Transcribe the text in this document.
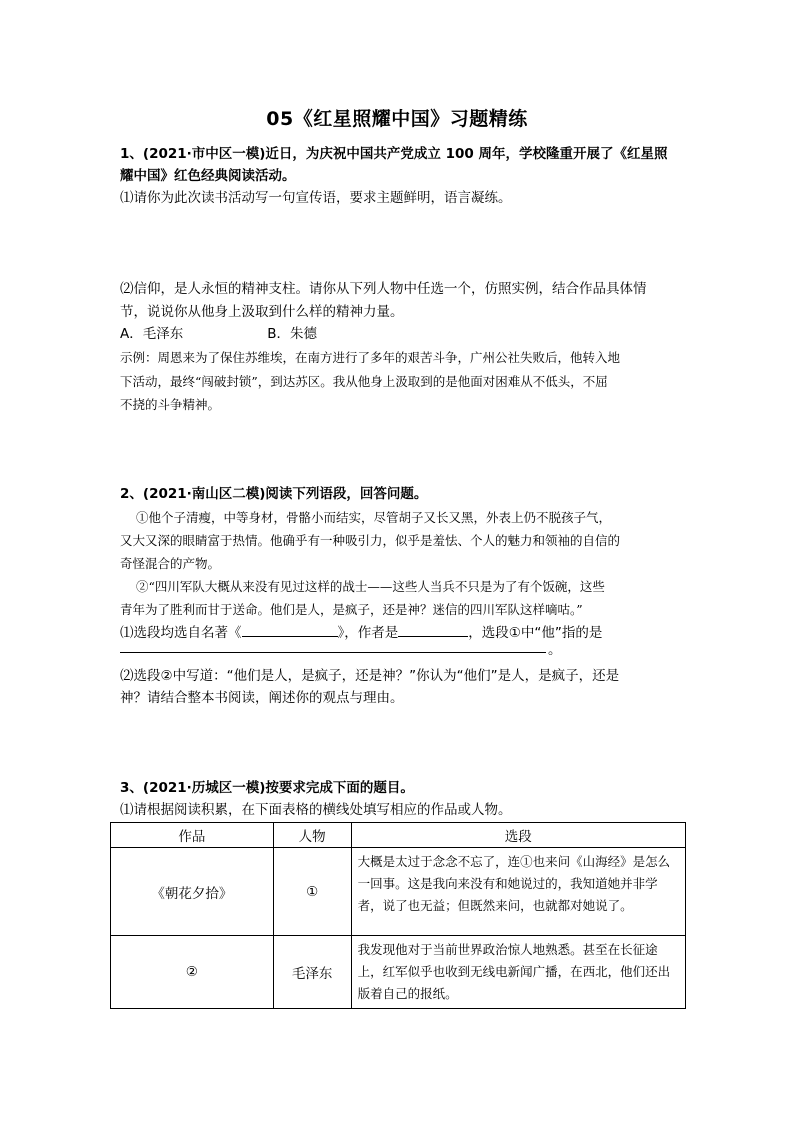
05《红星照耀中国》习题精练
1、(2021·市中区一模)近日，为庆祝中国共产党成立 100 周年，学校隆重开展了《红星照
耀中国》红色经典阅读活动。
⑴请你为此次读书活动写一句宣传语，要求主题鲜明，语言凝练。
⑵信仰，是人永恒的精神支柱。请你从下列人物中任选一个，仿照实例，结合作品具体情
节，说说你从他身上汲取到什么样的精神力量。
A．毛泽东	B．朱德
示例：周恩来为了保住苏维埃，在南方进行了多年的艰苦斗争，广州公社失败后，他转入地
下活动，最终“闯破封锁”，到达苏区。我从他身上汲取到的是他面对困难从不低头，不屈
不挠的斗争精神。
2、(2021·南山区二模)阅读下列语段，回答问题。
①他个子清瘦，中等身材，骨骼小而结实，尽管胡子又长又黑，外表上仍不脱孩子气，
又大又深的眼睛富于热情。他确乎有一种吸引力，似乎是羞怯、个人的魅力和领袖的自信的
奇怪混合的产物。
②“四川军队大概从来没有见过这样的战士——这些人当兵不只是为了有个饭碗，这些
青年为了胜利而甘于送命。他们是人，是疯子，还是神？迷信的四川军队这样嘀咕。”
⑴选段均选自名著《	》，作者是	，选段①中“他”指的是
。
⑵选段②中写道：“他们是人，是疯子，还是神？”你认为“他们”是人，是疯子，还是
神？请结合整本书阅读，阐述你的观点与理由。
3、(2021·历城区一模)按要求完成下面的题目。
⑴请根据阅读积累，在下面表格的横线处填写相应的作品或人物。
作品	人物	选段
《朝花夕拾》	①	大概是太过于念念不忘了，连①也来问《山海经》是怎么一回事。这是我向来没有和她说过的，我知道她并非学者，说了也无益；但既然来问，也就都对她说了。
②	毛泽东	我发现他对于当前世界政治惊人地熟悉。甚至在长征途上，红军似乎也收到无线电新闻广播，在西北，他们还出版着自己的报纸。
